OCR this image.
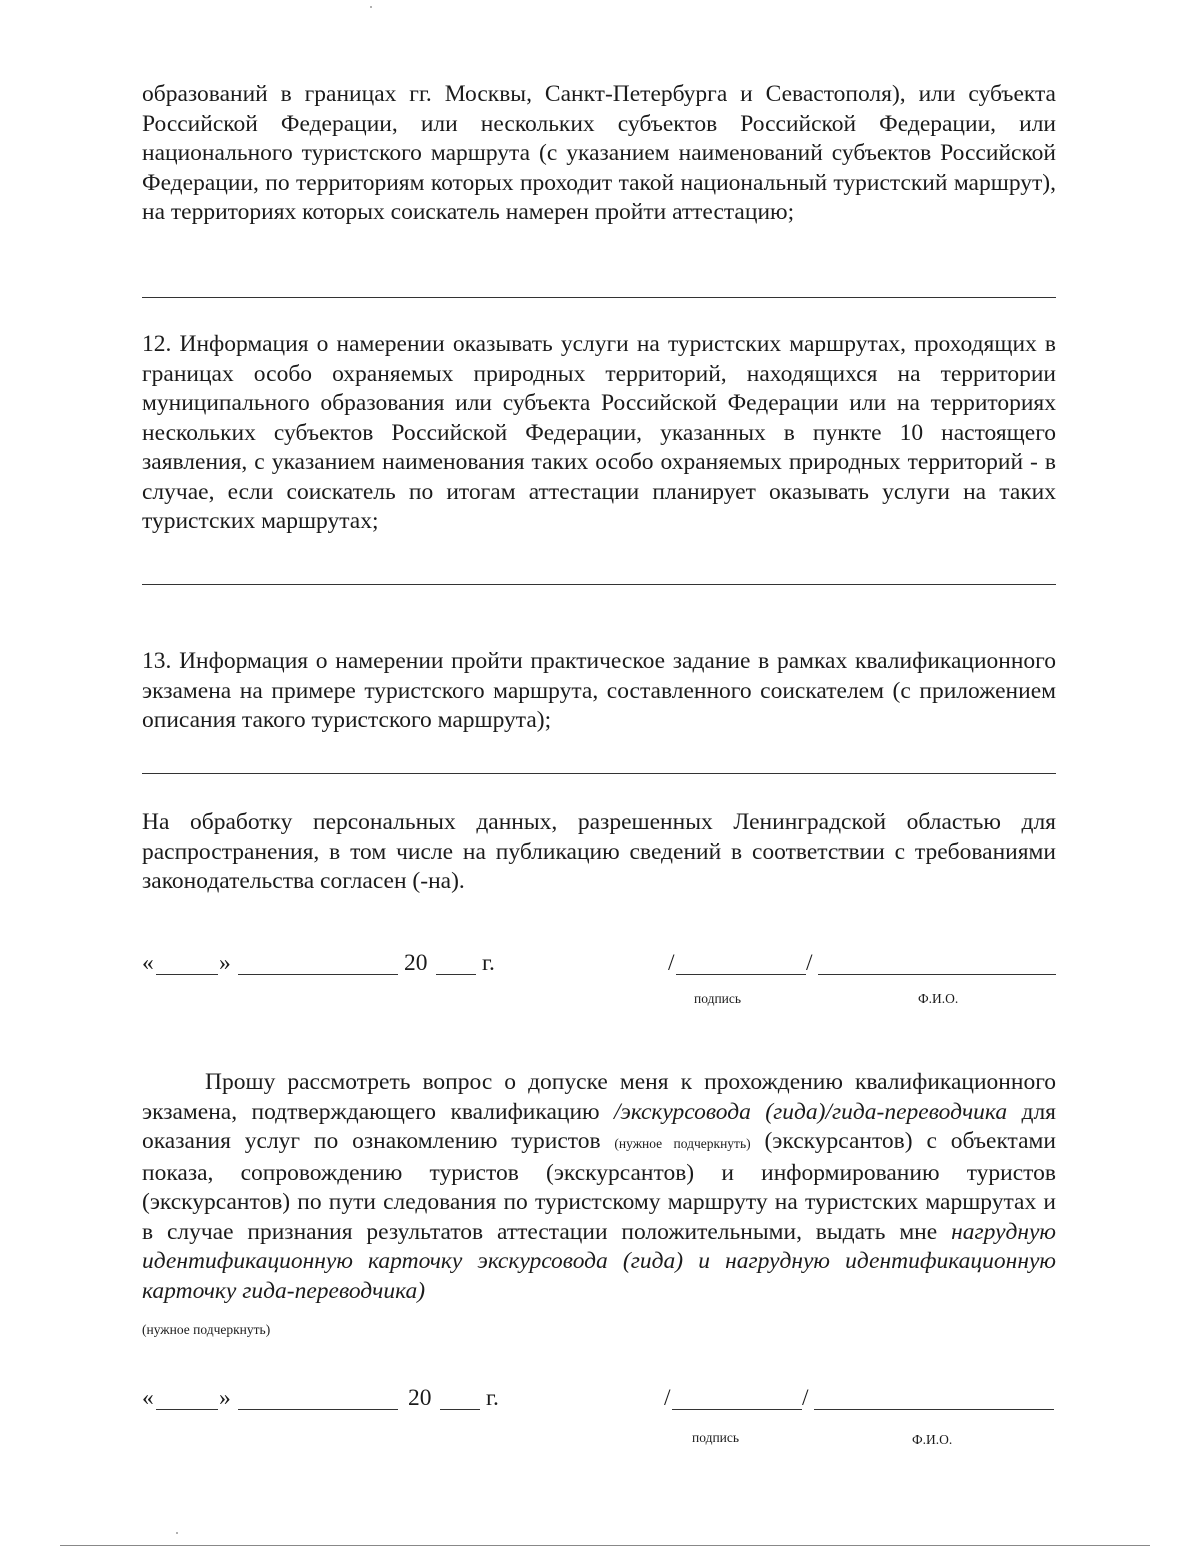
образований в границах гг. Москвы, Санкт-Петербурга и Севастополя), или субъекта Российской Федерации, или нескольких субъектов Российской Федерации, или национального туристского маршрута (с указанием наименований субъектов Российской Федерации, по территориям которых проходит такой национальный туристский маршрут), на территориях которых соискатель намерен пройти аттестацию;
12. Информация о намерении оказывать услуги на туристских маршрутах, проходящих в границах особо охраняемых природных территорий, находящихся на территории муниципального образования или субъекта Российской Федерации или на территориях нескольких субъектов Российской Федерации, указанных в пункте 10 настоящего заявления, с указанием наименования таких особо охраняемых природных территорий - в случае, если соискатель по итогам аттестации планирует оказывать услуги на таких туристских маршрутах;
13. Информация о намерении пройти практическое задание в рамках квалификационного экзамена на примере туристского маршрута, составленного соискателем (с приложением описания такого туристского маршрута);
На обработку персональных данных, разрешенных Ленинградской областью для распространения, в том числе на публикацию сведений в соответствии с требованиями законодательства согласен (-на).
«	»	20 г.	/	/
подпись	Ф.И.О.
Прошу рассмотреть вопрос о допуске меня к прохождению квалификационного экзамена, подтверждающего квалификацию /экскурсовода (гида)/гида-переводчика для оказания услуг по ознакомлению туристов (нужное подчеркнуть) (экскурсантов) с объектами показа, сопровождению туристов (экскурсантов) и информированию туристов (экскурсантов) по пути следования по туристскому маршруту на туристских маршрутах и в случае признания результатов аттестации положительными, выдать мне нагрудную идентификационную карточку экскурсовода (гида) и нагрудную идентификационную карточку гида-переводчика)
(нужное подчеркнуть)
«	»	20 г.	/	/
подпись	Ф.И.О.
